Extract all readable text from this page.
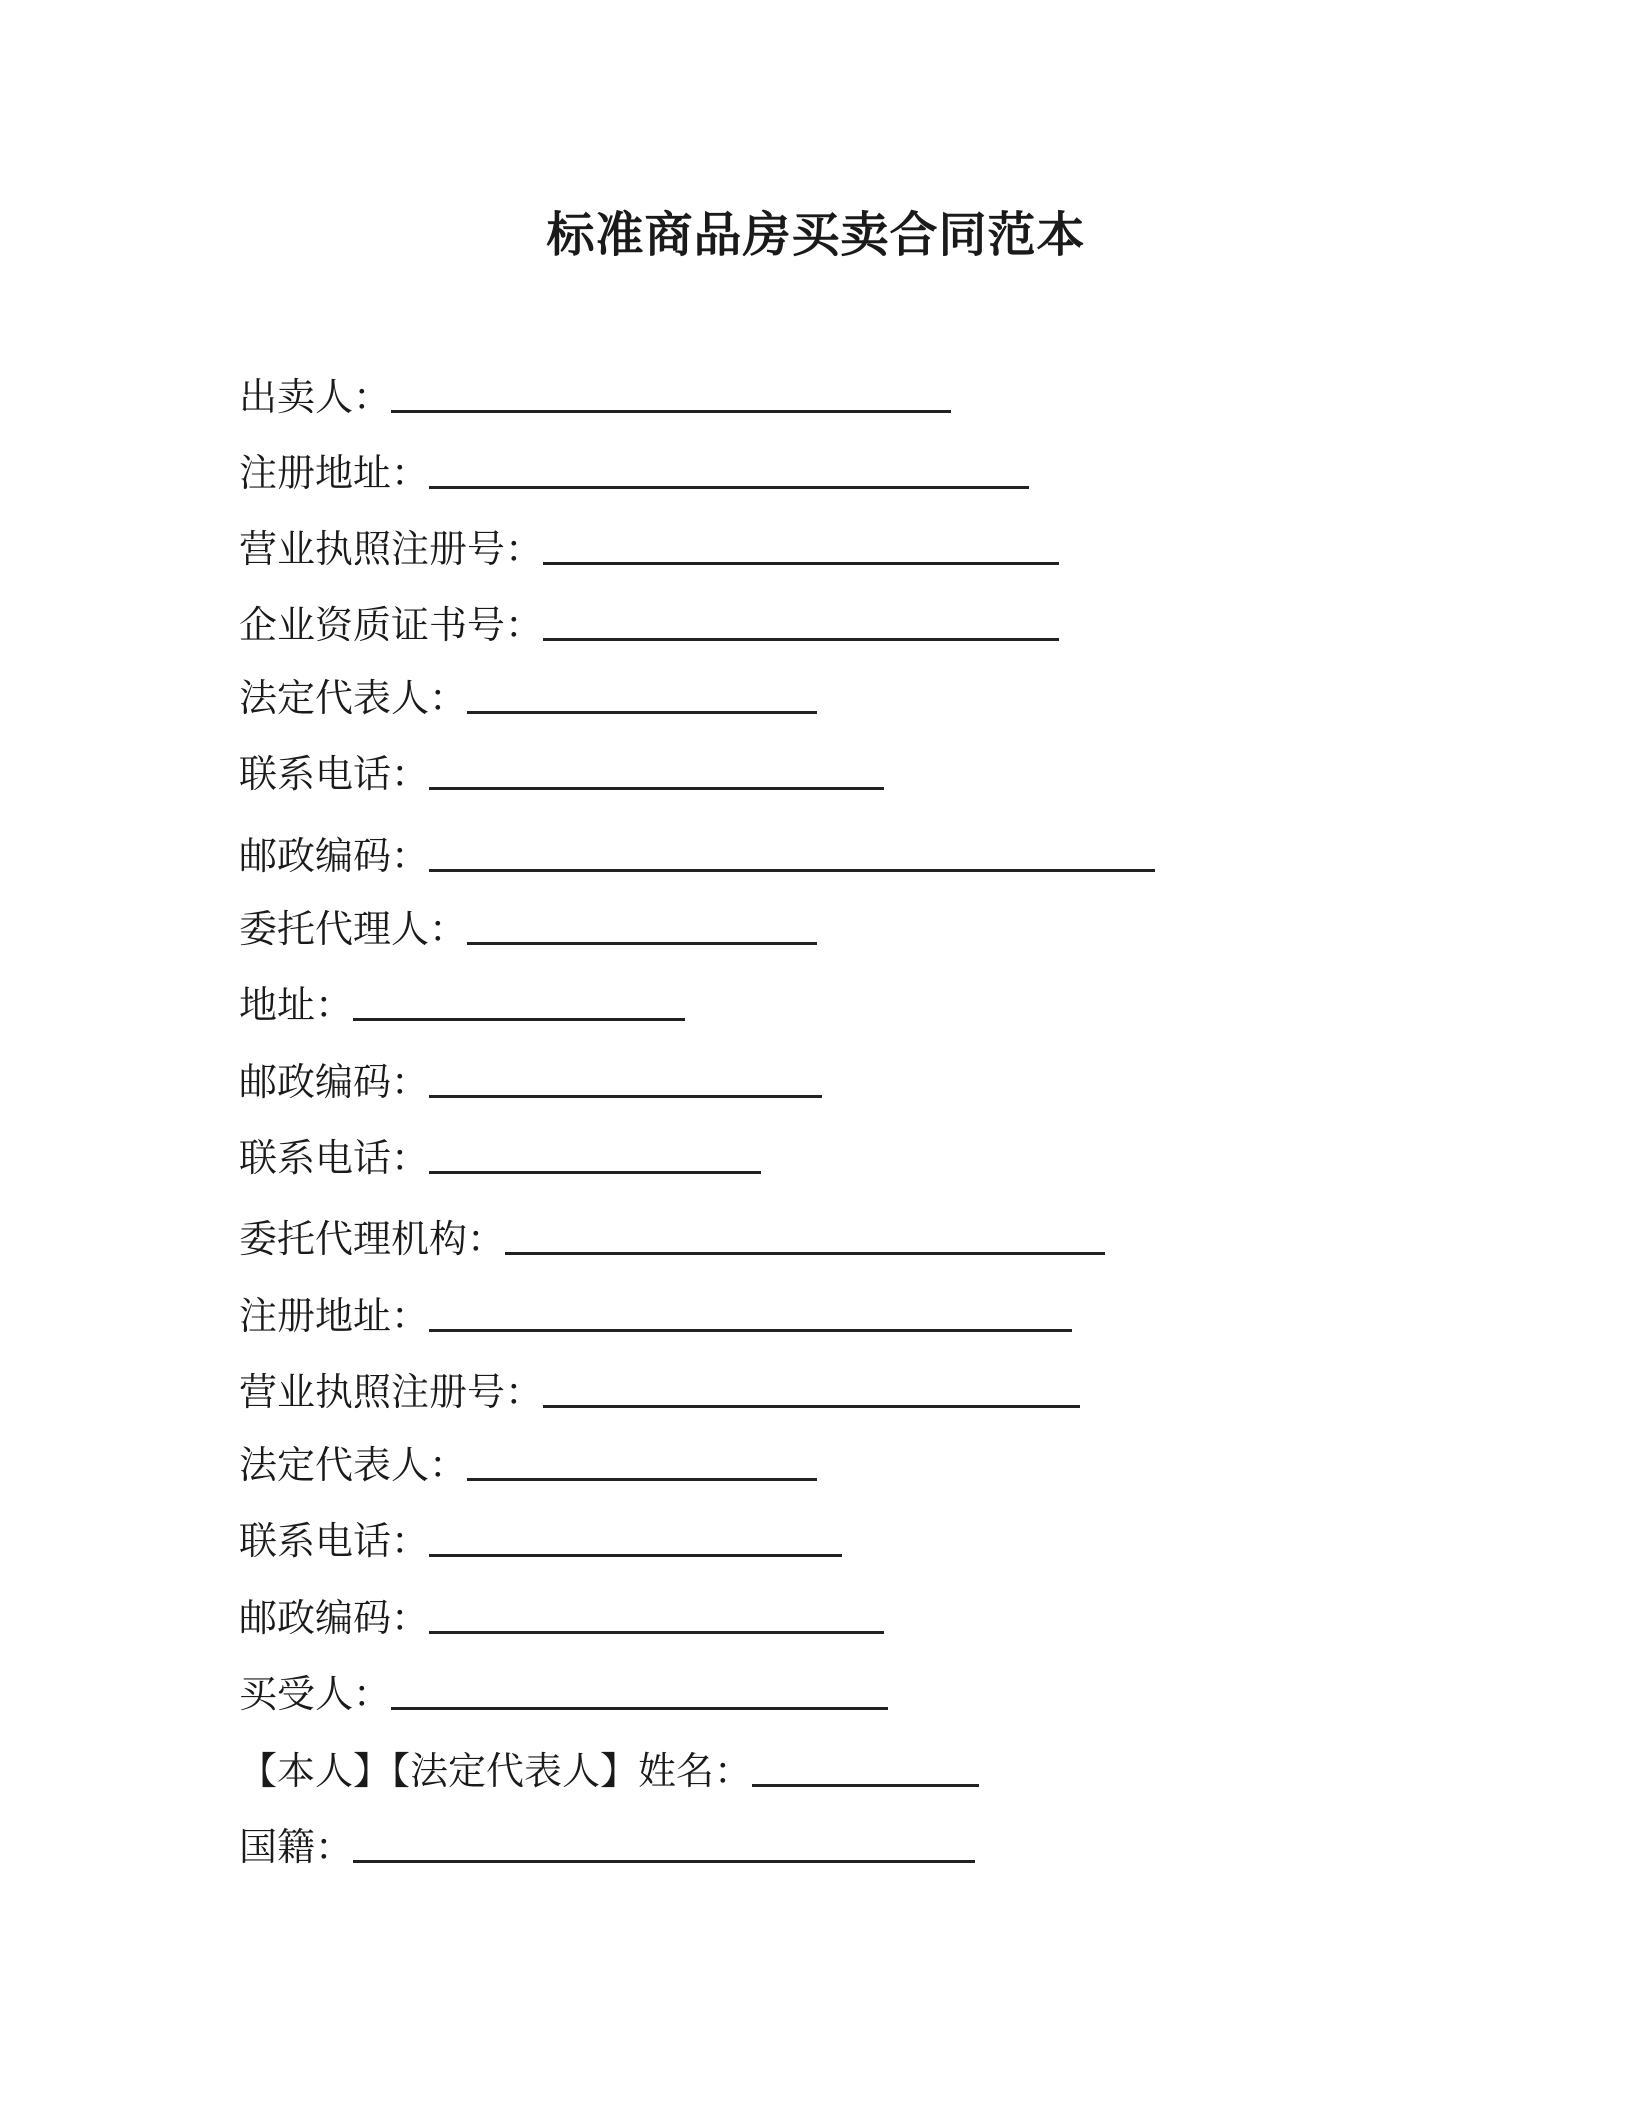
标准商品房买卖合同范本
出卖人：
注册地址：
营业执照注册号：
企业资质证书号：
法定代表人：
联系电话：
邮政编码：
委托代理人：
地址：
邮政编码：
联系电话：
委托代理机构：
注册地址：
营业执照注册号：
法定代表人：
联系电话：
邮政编码：
买受人：
【本人】【法定代表人】姓名：
国籍：
